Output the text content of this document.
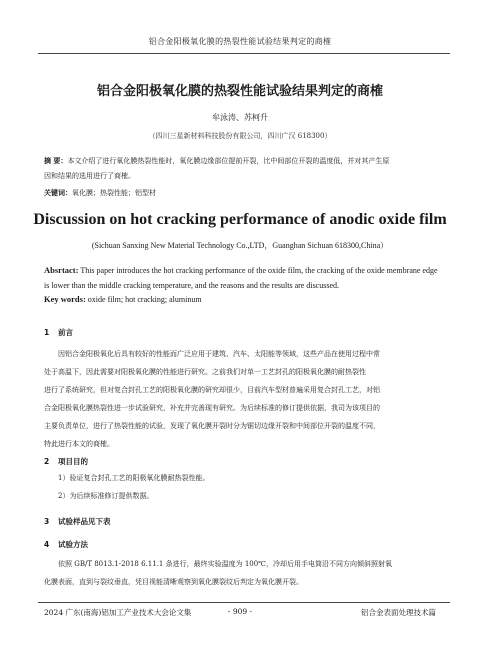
铝合金阳极氧化膜的热裂性能试验结果判定的商榷
铝合金阳极氧化膜的热裂性能试验结果判定的商榷
牟泳涛、苏柯升
（四川三星新材料科技股份有限公司，四川广汉 618300）
摘 要：本文介绍了进行氧化膜热裂性能时，氧化膜边缘部位提前开裂，比中间部位开裂的温度低，并对其产生原
因和结果的选用进行了商榷。
关键词：氧化膜；热裂性能；铝型材
Discussion on hot cracking performance of anodic oxide film
(Sichuan Sanxing New Material Technology Co.,LTD，Guanghan Sichuan 618300,China）
Absrtact: This paper introduces the hot cracking performance of the oxide film, the cracking of the oxide membrane edge
is lower than the middle cracking temperature, and the reasons and the results are discussed.
Key words: oxide film; hot cracking; aluminum
1 前言
因铝合金阳极氧化后具有较好的性能而广泛应用于建筑、汽车、太阳能等领域，这些产品在使用过程中常
处于高温下，因此需要对阳极氧化膜的性能进行研究。之前我们对单一工艺封孔的阳极氧化膜的耐热裂性
进行了系统研究，但对复合封孔工艺的阳极氧化膜的研究却很少，目前汽车型材普遍采用复合封孔工艺，对铝
合金阳极氧化膜热裂性进一步试验研究，补充并完善现有研究。为后续标准的修订提供依据，我司为该项目的
主要负责单位，进行了热裂性能的试验，发现了氧化膜开裂时分为锯切边缘开裂和中间部位开裂的温度不同，
特此进行本文的商榷。
2 项目目的
1）验证复合封孔工艺的阳极氧化膜耐热裂性能。
2）为后续标准修订提供数据。
3 试验样品见下表
4 试验方法
依照 GB/T 8013.1-2018 6.11.1 条进行，最终实验温度为 100℃，冷却后用手电筒沿不同方向倾斜照射氧
化膜表面，直到与裂纹垂直，凭目视能清晰观察到氧化膜裂纹后判定为氧化膜开裂。
2024 广东(南海)铝加工产业技术大会论文集	- 909 -	铝合金表面处理技术篇
